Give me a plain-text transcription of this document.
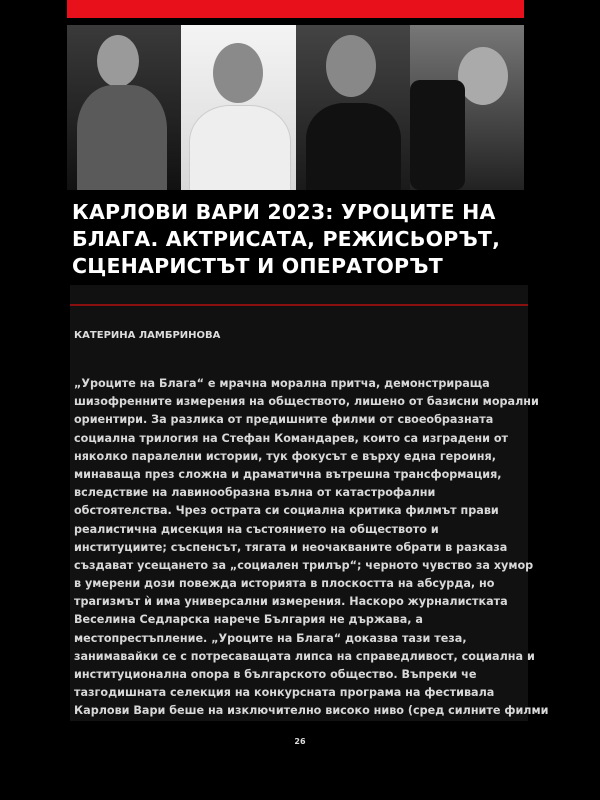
КАРЛОВИ ВАРИ 2023: УРОЦИТЕ НА
БЛАГА. АКТРИСАТА, РЕЖИСЬОРЪТ,
СЦЕНАРИСТЪТ И ОПЕРАТОРЪТ
КАТЕРИНА ЛАМБРИНОВА
„Уроците на Блага“ е мрачна морална притча, демонстрираща
шизофренните измерения на обществото, лишено от базисни морални
ориентири. За разлика от предишните филми от своеобразната
социална трилогия на Стефан Командарев, които са изградени от
няколко паралелни истории, тук фокусът е върху една героиня,
минаваща през сложна и драматична вътрешна трансформация,
вследствие на лавинообразна вълна от катастрофални
обстоятелства. Чрез острата си социална критика филмът прави
реалистична дисекция на състоянието на обществото и
институциите; съспенсът, тягата и неочакваните обрати в разказа
създават усещането за „социален трилър“; черното чувство за хумор
в умерени дози повежда историята в плоскостта на абсурда, но
трагизмът ѝ има универсални измерения. Наскоро журналистката
Веселина Седларска нарече България не държава, а
местопрестъпление. „Уроците на Блага“ доказва тази теза,
занимавайки се с потресаващата липса на справедливост, социална и
институционална опора в българското общество. Въпреки че
тазгодишната селекция на конкурсната програма на фестивала
Карлови Вари беше на изключително високо ниво (сред силните филми
26
